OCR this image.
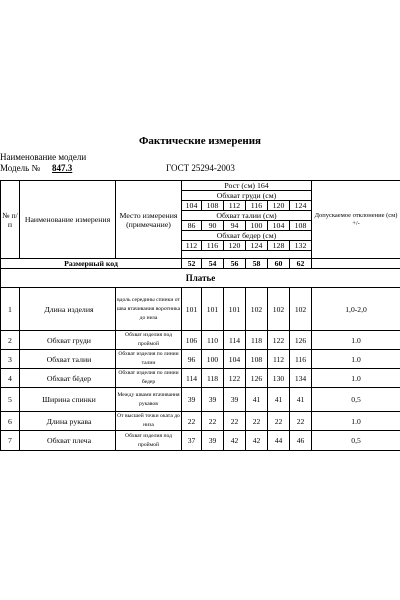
Фактические измерения
Наименование модели
Модель № 847.3	ГОСТ 25294-2003
№ п/п	Наименование измерения	Место измерения (примечание)	Рост (см) 164						Допускаемое отклонение (см) +/-
			Обхват груди (см)						
			104	108	112	116	120	124	
			Обхват талии (см)						
			86	90	94	100	104	108	
			Обхват бедер (см)						
			112	116	120	124	128	132	

Размерный код			52	54	56	58	60	62	
Платье									
1	Длина изделия	вдоль середины спинки от шва втачивания воротника до низа	101	101	101	102	102	102	1,0-2,0
2	Обхват груди	Обхват изделия под проймой	106	110	114	118	122	126	1.0
3	Обхват талии	Обхват изделия по линии талии	96	100	104	108	112	116	1.0
4	Обхват бёдер	Обхват изделия по линии бедер	114	118	122	126	130	134	1.0
5	Ширина спинки	Между швами втачивания рукавов	39	39	39	41	41	41	0,5
6	Длина рукава	От высшей точки оката до низа	22	22	22	22	22	22	1.0
7	Обхват плеча	Обхват изделия под проймой	37	39	42	42	44	46	0,5
